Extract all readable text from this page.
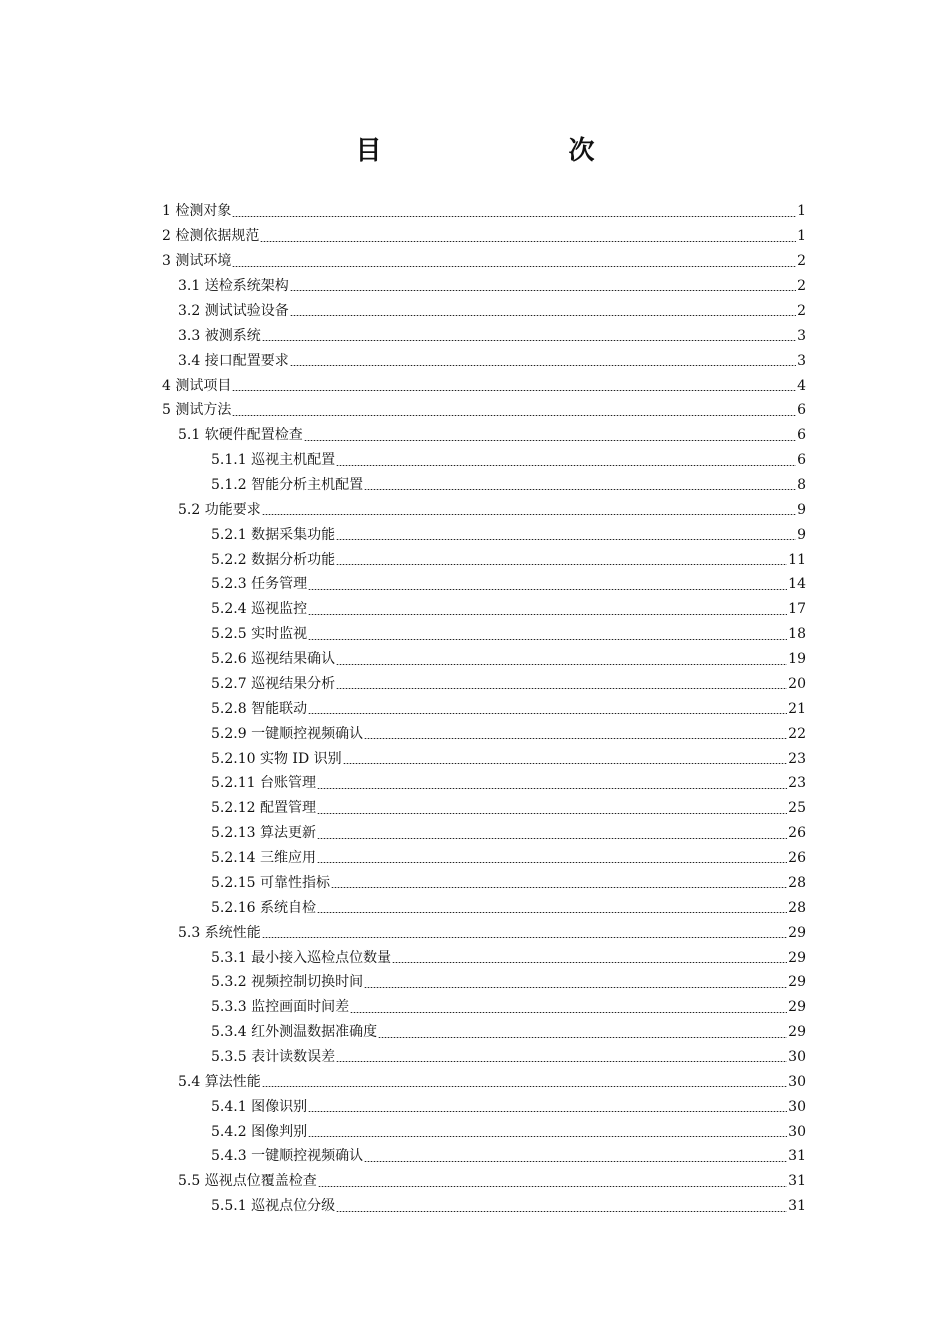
目　　次
1 检测对象	1
2 检测依据规范	1
3 测试环境	2
3.1 送检系统架构	2
3.2 测试试验设备	2
3.3 被测系统	3
3.4 接口配置要求	3
4 测试项目	4
5 测试方法	6
5.1 软硬件配置检查	6
5.1.1 巡视主机配置	6
5.1.2 智能分析主机配置	8
5.2 功能要求	9
5.2.1 数据采集功能	9
5.2.2 数据分析功能	11
5.2.3 任务管理	14
5.2.4 巡视监控	17
5.2.5 实时监视	18
5.2.6 巡视结果确认	19
5.2.7 巡视结果分析	20
5.2.8 智能联动	21
5.2.9 一键顺控视频确认	22
5.2.10 实物 ID 识别	23
5.2.11 台账管理	23
5.2.12 配置管理	25
5.2.13 算法更新	26
5.2.14 三维应用	26
5.2.15 可靠性指标	28
5.2.16 系统自检	28
5.3 系统性能	29
5.3.1 最小接入巡检点位数量	29
5.3.2 视频控制切换时间	29
5.3.3 监控画面时间差	29
5.3.4 红外测温数据准确度	29
5.3.5 表计读数误差	30
5.4 算法性能	30
5.4.1 图像识别	30
5.4.2 图像判别	30
5.4.3 一键顺控视频确认	31
5.5 巡视点位覆盖检查	31
5.5.1 巡视点位分级	31
